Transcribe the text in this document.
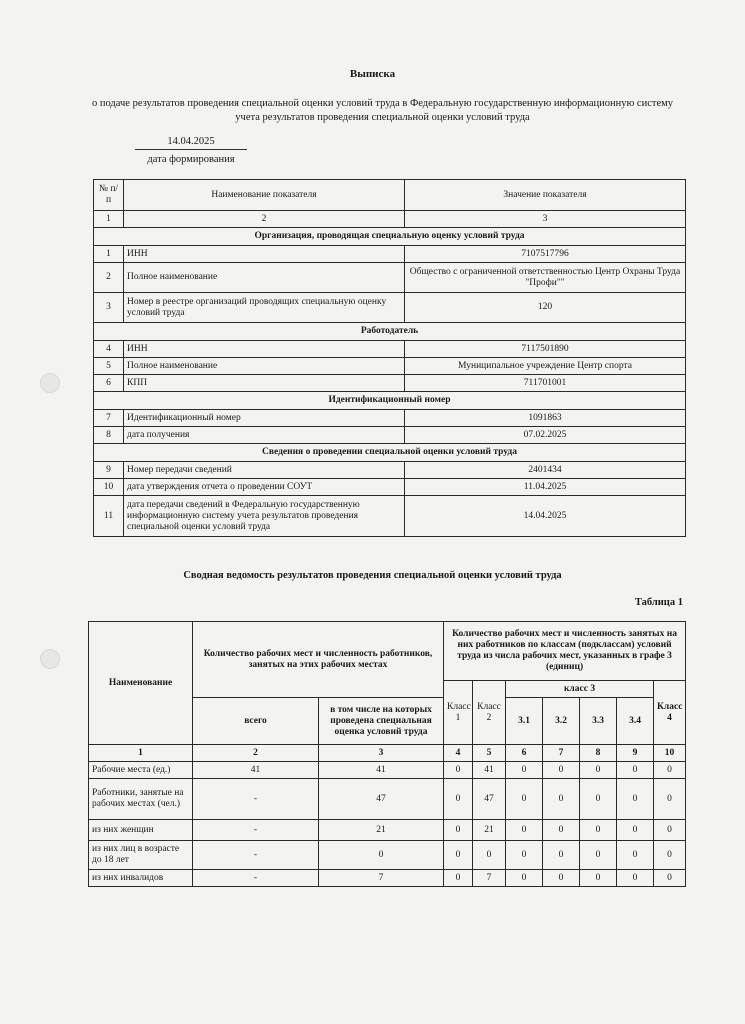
Выписка
о подаче результатов проведения специальной оценки условий труда в Федеральную государственную информационную систему учета результатов проведения специальной оценки условий труда
14.04.2025
дата формирования
№ п/п	Наименование показателя	Значение показателя
1	2	3
Организация, проводящая специальную оценку условий труда		
1	ИНН	7107517796
2	Полное наименование	Общество с ограниченной ответственностью Центр Охраны Труда "Профи""
3	Номер в реестре организаций проводящих специальную оценку условий труда	120
Работодатель		
4	ИНН	7117501890
5	Полное наименование	Муниципальное учреждение Центр спорта
6	КПП	711701001
Идентификационный номер		
7	Идентификационный номер	1091863
8	дата получения	07.02.2025
Сведения о проведении специальной оценки условий труда		
9	Номер передачи сведений	2401434
10	дата утверждения отчета о проведении СОУТ	11.04.2025
11	дата передачи сведений в Федеральную государственную информационную систему учета результатов проведения специальной оценки условий труда	14.04.2025
Сводная ведомость результатов проведения специальной оценки условий труда
Таблица 1
Наименование	Количество рабочих мест и численность работников, занятых на этих рабочих местах		Количество рабочих мест и численность занятых на них работников по классам (подклассам) условий труда из числа рабочих мест, указанных в графе 3 (единиц)						
			Класс 1	Класс 2	класс 3				Класс 4
	всего	в том числе на которых проведена специальная оценка условий труда			3.1	3.2	3.3	3.4	
1	2	3	4	5	6	7	8	9	10
Рабочие места (ед.)	41	41	0	41	0	0	0	0	0
Работники, занятые на рабочих местах (чел.)	-	47	0	47	0	0	0	0	0
из них женщин	-	21	0	21	0	0	0	0	0
из них лиц в возрасте до 18 лет	-	0	0	0	0	0	0	0	0
из них инвалидов	-	7	0	7	0	0	0	0	0
